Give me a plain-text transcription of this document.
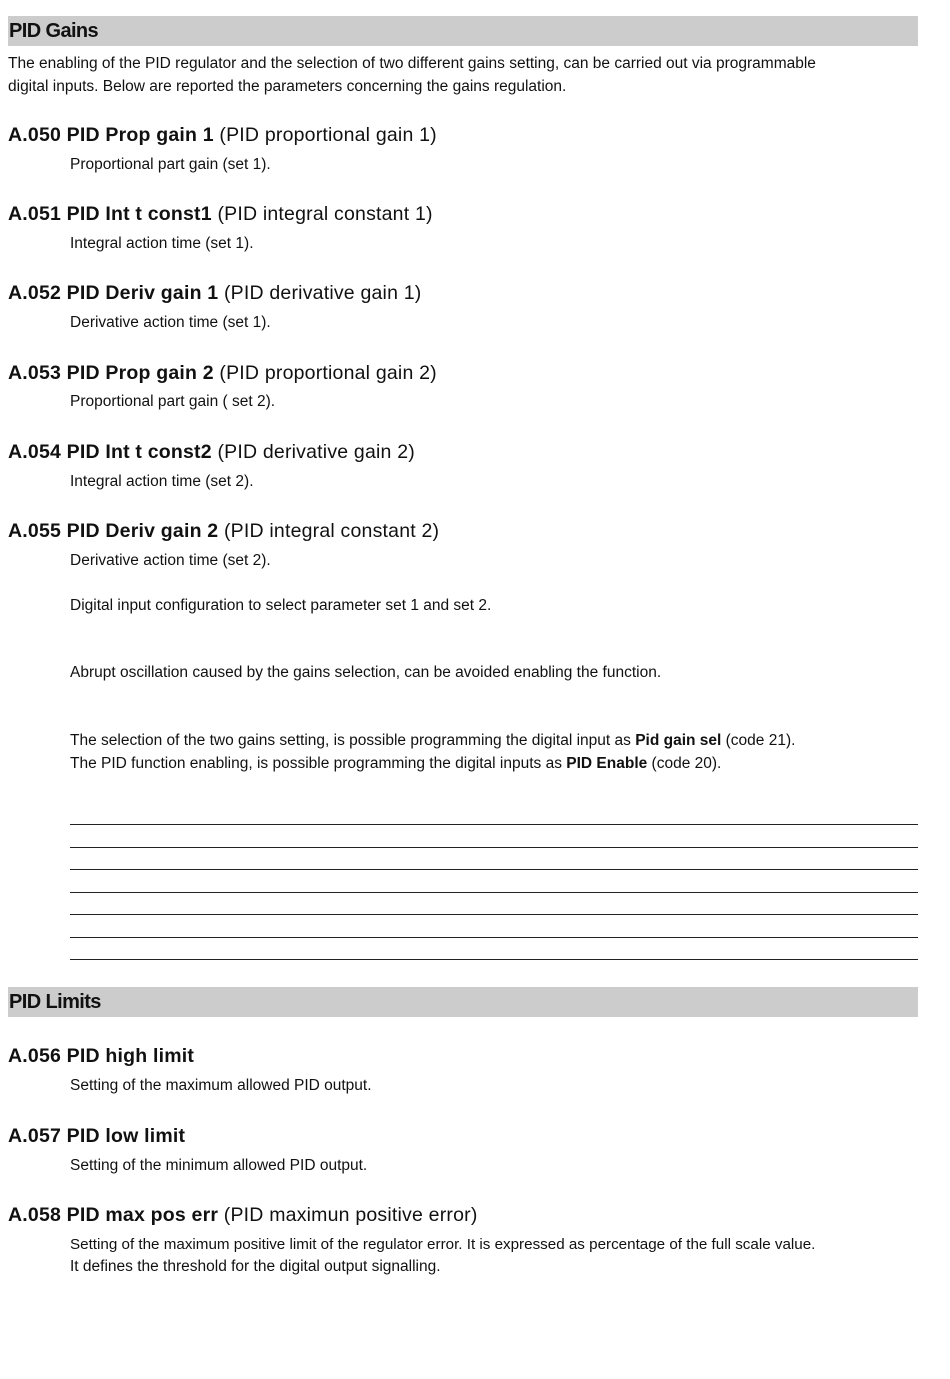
PID Gains

The enabling of the PID regulator and the selection of two different gains setting, can be carried out via programmable
digital inputs. Below are reported the parameters concerning the gains regulation.

A.050 PID Prop gain 1 (PID proportional gain 1)
Proportional part gain (set 1).
A.051 PID Int t const1 (PID integral constant 1)
Integral action time (set 1).
A.052 PID Deriv gain 1 (PID derivative gain 1)
Derivative action time (set 1).
A.053 PID Prop gain 2 (PID proportional gain 2)
Proportional part gain ( set 2).
A.054 PID Int t const2 (PID derivative gain 2)
Integral action time (set 2).
A.055 PID Deriv gain 2 (PID integral constant 2)
Derivative action time (set 2).
Digital input configuration to select parameter set 1 and set 2.
Abrupt oscillation caused by the gains selection, can be avoided enabling the function.
The selection of the two gains setting, is possible programming the digital input as Pid gain sel (code 21).
The PID function enabling, is possible programming the digital inputs as PID Enable (code 20).
PID Limits
A.056 PID high limit
Setting of the maximum allowed PID output.
A.057 PID low limit
Setting of the minimum allowed PID output.
A.058 PID max pos err (PID maximun positive error)
Setting of the maximum positive limit of the regulator error. It is expressed as percentage of the full scale value.
It defines the threshold for the digital output signalling.
